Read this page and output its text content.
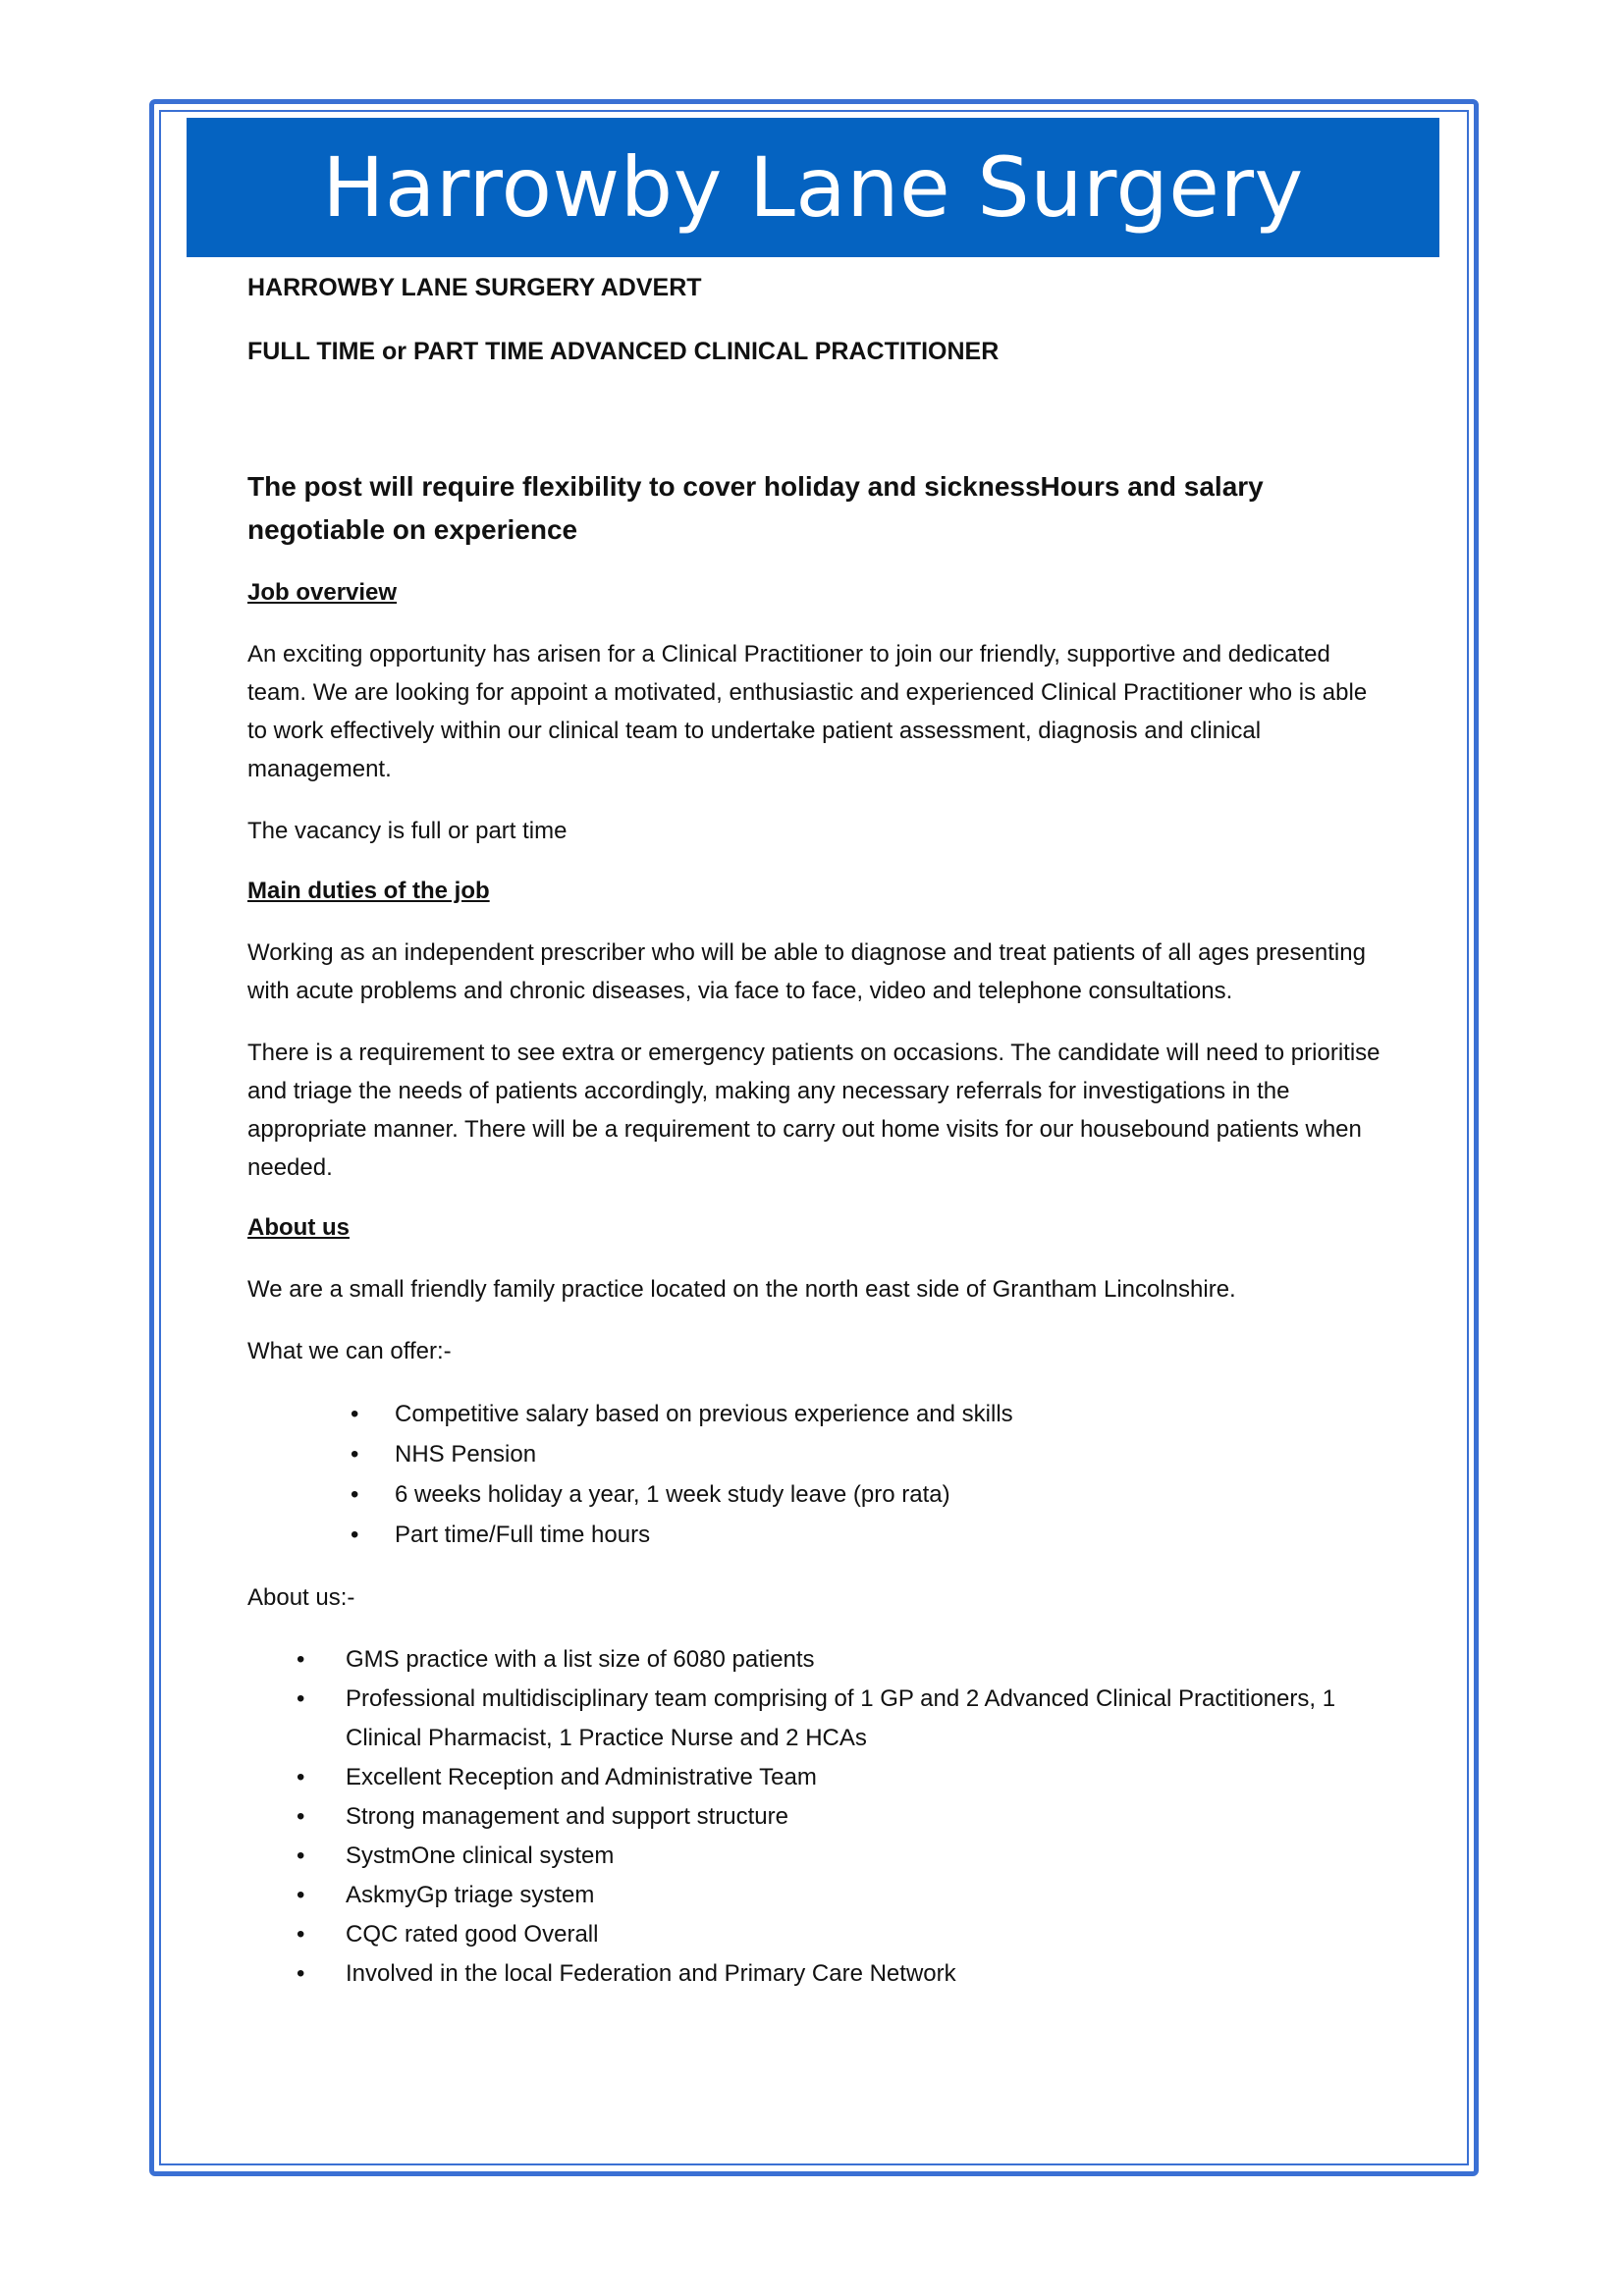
Harrowby Lane Surgery
HARROWBY LANE SURGERY ADVERT
FULL TIME or PART TIME ADVANCED CLINICAL PRACTITIONER
The post will require flexibility to cover holiday and sicknessHours and salary negotiable on experience
Job overview

An exciting opportunity has arisen for a Clinical Practitioner to join our friendly, supportive and dedicated team. We are looking for appoint a motivated, enthusiastic and experienced Clinical Practitioner who is able to work effectively within our clinical team to undertake patient assessment, diagnosis and clinical management.

The vacancy is full or part time

Main duties of the job

Working as an independent prescriber who will be able to diagnose and treat patients of all ages presenting with acute problems and chronic diseases, via face to face, video and telephone consultations.

There is a requirement to see extra or emergency patients on occasions. The candidate will need to prioritise and triage the needs of patients accordingly, making any necessary referrals for investigations in the appropriate manner. There will be a requirement to carry out home visits for our housebound patients when needed.

About us

We are a small friendly family practice located on the north east side of Grantham Lincolnshire.

What we can offer:-

• Competitive salary based on previous experience and skills
• NHS Pension
• 6 weeks holiday a year, 1 week study leave (pro rata)
• Part time/Full time hours

About us:-

• GMS practice with a list size of 6080 patients
• Professional multidisciplinary team comprising of 1 GP and 2 Advanced Clinical Practitioners, 1 Clinical Pharmacist, 1 Practice Nurse and 2 HCAs
• Excellent Reception and Administrative Team
• Strong management and support structure
• SystmOne clinical system
• AskmyGp triage system
• CQC rated good Overall
• Involved in the local Federation and Primary Care Network
